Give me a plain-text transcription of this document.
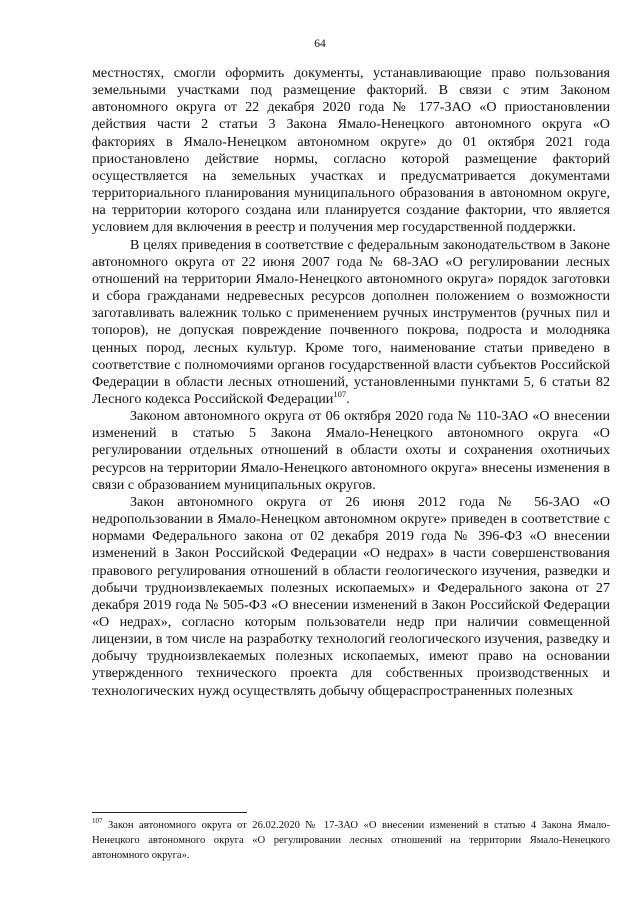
64

местностях, смогли оформить документы, устанавливающие право пользования земельными участками под размещение факторий. В связи с этим Законом автономного округа от 22 декабря 2020 года № 177-ЗАО «О приостановлении действия части 2 статьи 3 Закона Ямало-Ненецкого автономного округа «О факториях в Ямало-Ненецком автономном округе» до 01 октября 2021 года приостановлено действие нормы, согласно которой размещение факторий осуществляется на земельных участках и предусматривается документами территориального планирования муниципального образования в автономном округе, на территории которого создана или планируется создание фактории, что является условием для включения в реестр и получения мер государственной поддержки.

В целях приведения в соответствие с федеральным законодательством в Законе автономного округа от 22 июня 2007 года № 68-ЗАО «О регулировании лесных отношений на территории Ямало-Ненецкого автономного округа» порядок заготовки и сбора гражданами недревесных ресурсов дополнен положением о возможности заготавливать валежник только с применением ручных инструментов (ручных пил и топоров), не допуская повреждение почвенного покрова, подроста и молодняка ценных пород, лесных культур. Кроме того, наименование статьи приведено в соответствие с полномочиями органов государственной власти субъектов Российской Федерации в области лесных отношений, установленными пунктами 5, 6 статьи 82 Лесного кодекса Российской Федерации$^{107}$.

Законом автономного округа от 06 октября 2020 года № 110-ЗАО «О внесении изменений в статью 5 Закона Ямало-Ненецкого автономного округа «О регулировании отдельных отношений в области охоты и сохранения охотничьих ресурсов на территории Ямало-Ненецкого автономного округа» внесены изменения в связи с образованием муниципальных округов.

Закон автономного округа от 26 июня 2012 года № 56-ЗАО «О недропользовании в Ямало-Ненецком автономном округе» приведен в соответствие с нормами Федерального закона от 02 декабря 2019 года № 396-ФЗ «О внесении изменений в Закон Российской Федерации «О недрах» в части совершенствования правового регулирования отношений в области геологического изучения, разведки и добычи трудноизвлекаемых полезных ископаемых» и Федерального закона от 27 декабря 2019 года № 505-ФЗ «О внесении изменений в Закон Российской Федерации «О недрах», согласно которым пользователи недр при наличии совмещенной лицензии, в том числе на разработку технологий геологического изучения, разведку и добычу трудноизвлекаемых полезных ископаемых, имеют право на основании утвержденного технического проекта для собственных производственных и технологических нужд осуществлять добычу общераспространенных полезных

$^{107}$ Закон автономного округа от 26.02.2020 № 17-ЗАО «О внесении изменений в статью 4 Закона Ямало-Ненецкого автономного округа «О регулировании лесных отношений на территории Ямало-Ненецкого автономного округа».
